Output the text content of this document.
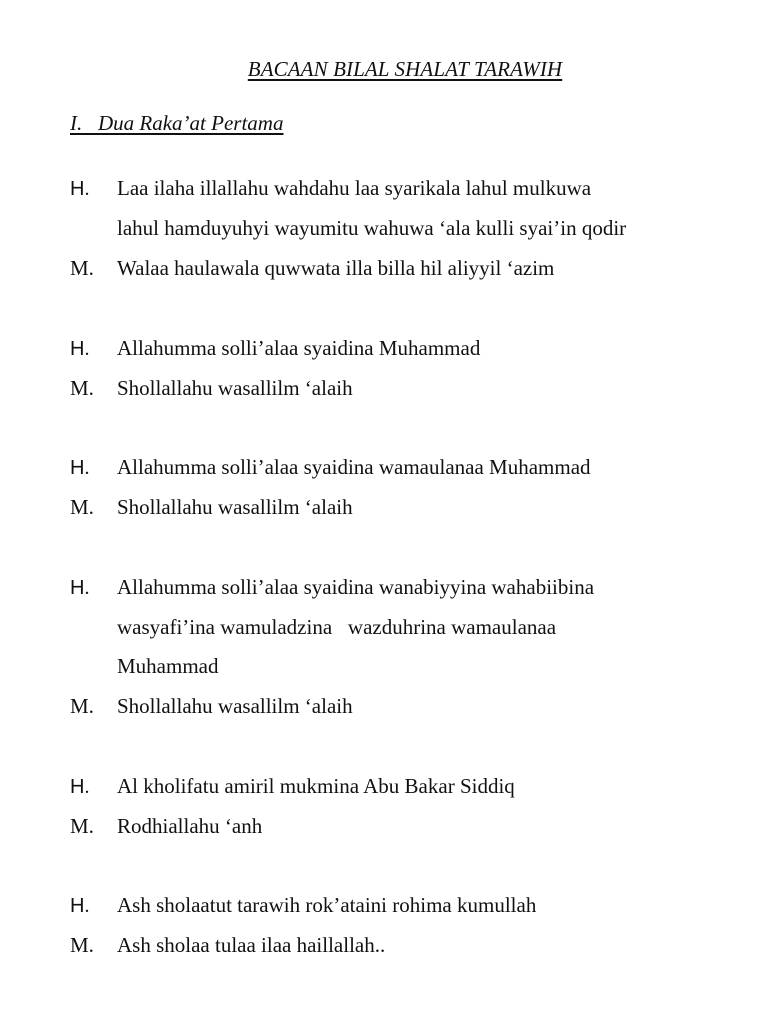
BACAAN BILAL SHALAT TARAWIH
I.   Dua Raka’at Pertama
H. Laa ilaha illallahu wahdahu laa syarikala lahul mulkuwa
lahul hamduyuhyi wayumitu wahuwa ‘ala kulli syai’in qodir
M. Walaa haulawala quwwata illa billa hil aliyyil ‘azim
H. Allahumma solli’alaa syaidina Muhammad
M. Shollallahu wasallilm ‘alaih
H. Allahumma solli’alaa syaidina wamaulanaa Muhammad
M. Shollallahu wasallilm ‘alaih
H. Allahumma solli’alaa syaidina wanabiyyina wahabiibina
wasyafi’ina wamuladzina   wazduhrina wamaulanaa
Muhammad
M. Shollallahu wasallilm ‘alaih
H. Al kholifatu amiril mukmina Abu Bakar Siddiq
M. Rodhiallahu ‘anh
H. Ash sholaatut tarawih rok’ataini rohima kumullah
M. Ash sholaa tulaa ilaa haillallah..
